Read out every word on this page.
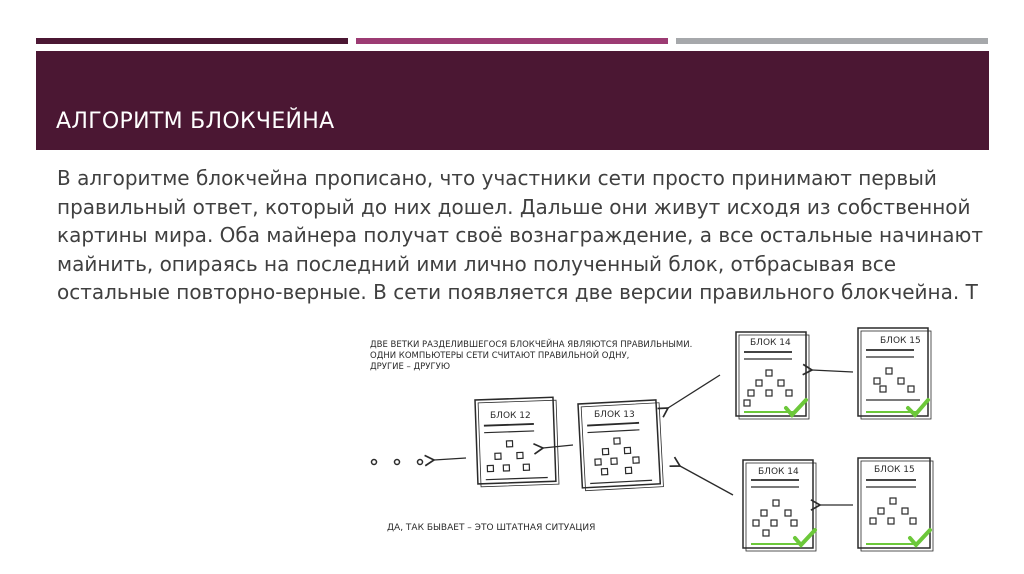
АЛГОРИТМ БЛОКЧЕЙНА

В алгоритме блокчейна прописано, что участники сети просто принимают первый правильный ответ, который до них дошел. Дальше они живут исходя из собственной картины мира. Оба майнера получат своё вознаграждение, а все остальные начинают майнить, опираясь на последний ими лично полученный блок, отбрасывая все остальные повторно-верные. В сети появляется две версии правильного блокчейна. Т

ДВЕ ВЕТКИ РАЗДЕЛИВШЕГОСЯ БЛОКЧЕЙНА ЯВЛЯЮТСЯ ПРАВИЛЬНЫМИ.
ОДНИ КОМПЬЮТЕРЫ СЕТИ СЧИТАЮТ ПРАВИЛЬНОЙ ОДНУ,
ДРУГИЕ – ДРУГУЮ
БЛОК 12	БЛОК 13
БЛОК 14	БЛОК 15
БЛОК 14	БЛОК 15
ДА, ТАК БЫВАЕТ – ЭТО ШТАТНАЯ СИТУАЦИЯ
